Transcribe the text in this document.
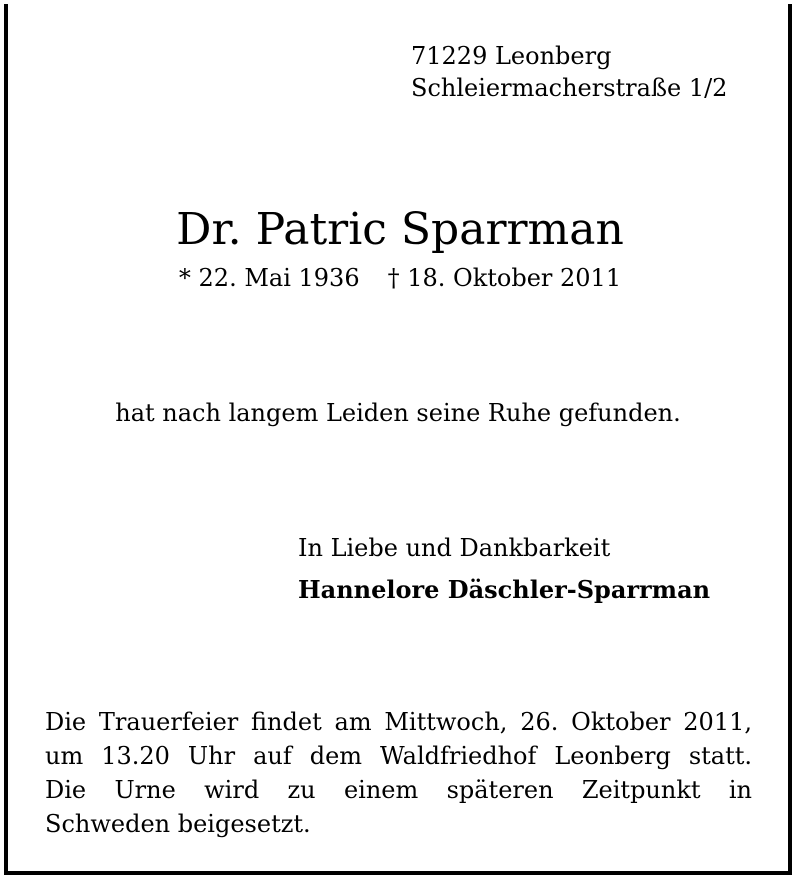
71229 Leonberg
Schleiermacherstraße 1/2
Dr. Patric Sparrman
* 22. Mai 1936 † 18. Oktober 2011
hat nach langem Leiden seine Ruhe gefunden.
In Liebe und Dankbarkeit
Hannelore Däschler-Sparrman
Die Trauerfeier findet am Mittwoch, 26. Oktober 2011,
um 13.20 Uhr auf dem Waldfriedhof Leonberg statt.
Die Urne wird zu einem späteren Zeitpunkt in
Schweden beigesetzt.
